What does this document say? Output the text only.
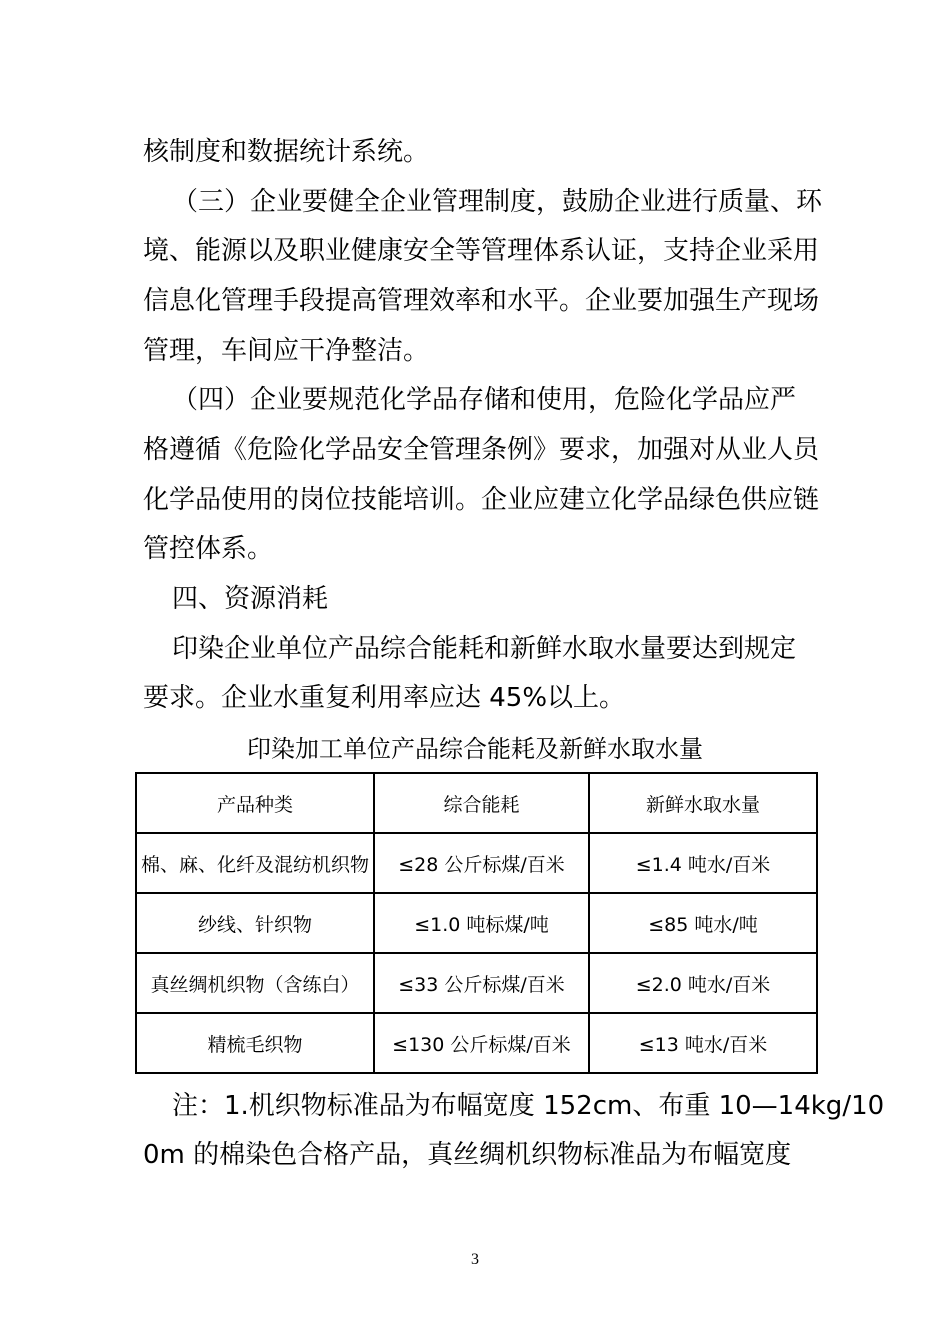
核制度和数据统计系统。
（三）企业要健全企业管理制度，鼓励企业进行质量、环
境、能源以及职业健康安全等管理体系认证，支持企业采用
信息化管理手段提高管理效率和水平。企业要加强生产现场
管理，车间应干净整洁。
（四）企业要规范化学品存储和使用，危险化学品应严
格遵循《危险化学品安全管理条例》要求，加强对从业人员
化学品使用的岗位技能培训。企业应建立化学品绿色供应链
管控体系。
四、资源消耗
印染企业单位产品综合能耗和新鲜水取水量要达到规定
要求。企业水重复利用率应达 45%以上。
印染加工单位产品综合能耗及新鲜水取水量
产品种类	综合能耗	新鲜水取水量
棉、麻、化纤及混纺机织物	≤28 公斤标煤/百米	≤1.4 吨水/百米
纱线、针织物	≤1.0 吨标煤/吨	≤85 吨水/吨
真丝绸机织物（含练白）	≤33 公斤标煤/百米	≤2.0 吨水/百米
精梳毛织物	≤130 公斤标煤/百米	≤13 吨水/百米
注：1.机织物标准品为布幅宽度 152cm、布重 10—14kg/10
0m 的棉染色合格产品，真丝绸机织物标准品为布幅宽度
3
